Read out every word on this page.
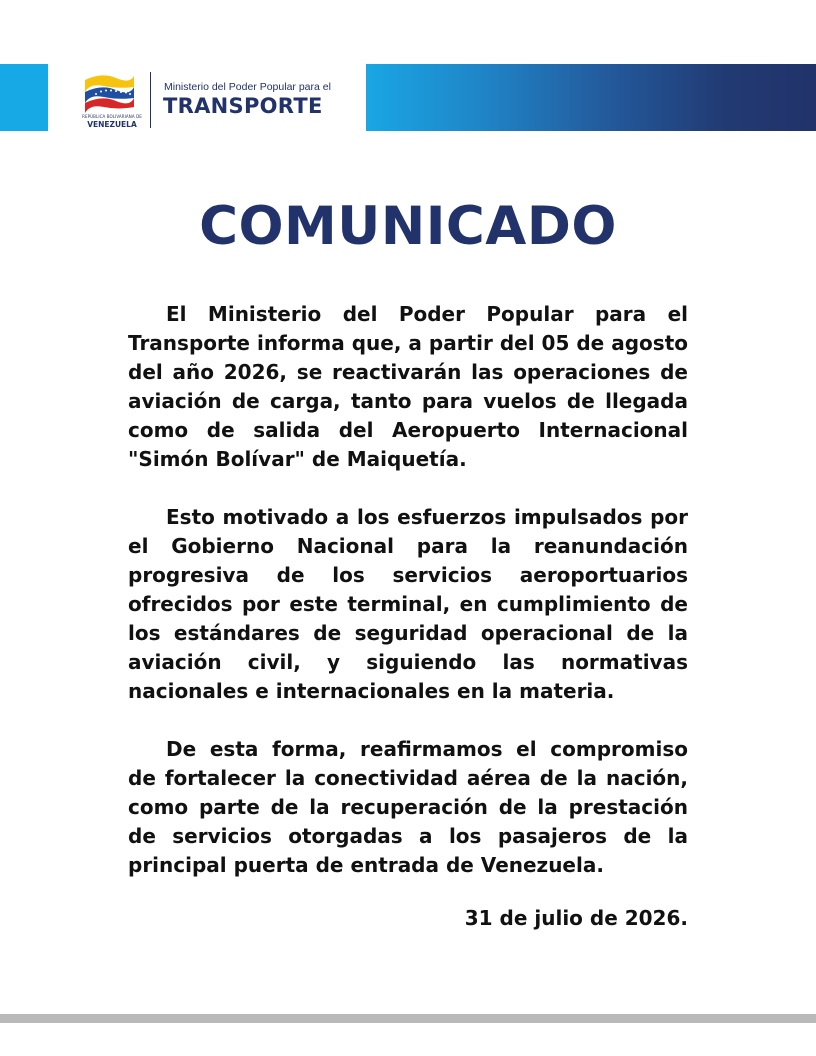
REPÚBLICA BOLIVARIANA DE
VENEZUELA
Ministerio del Poder Popular para el
TRANSPORTE
COMUNICADO

El Ministerio del Poder Popular para el Transporte informa que, a partir del 05 de agosto del año 2026, se reactivarán las operaciones de aviación de carga, tanto para vuelos de llegada como de salida del Aeropuerto Internacional "Simón Bolívar" de Maiquetía.

Esto motivado a los esfuerzos impulsados por el Gobierno Nacional para la reanundación progresiva de los servicios aeroportuarios ofrecidos por este terminal, en cumplimiento de los estándares de seguridad operacional de la aviación civil, y siguiendo las normativas nacionales e internacionales en la materia.

De esta forma, reafirmamos el compromiso de fortalecer la conectividad aérea de la nación, como parte de la recuperación de la prestación de servicios otorgadas a los pasajeros de la principal puerta de entrada de Venezuela.

31 de julio de 2026.
